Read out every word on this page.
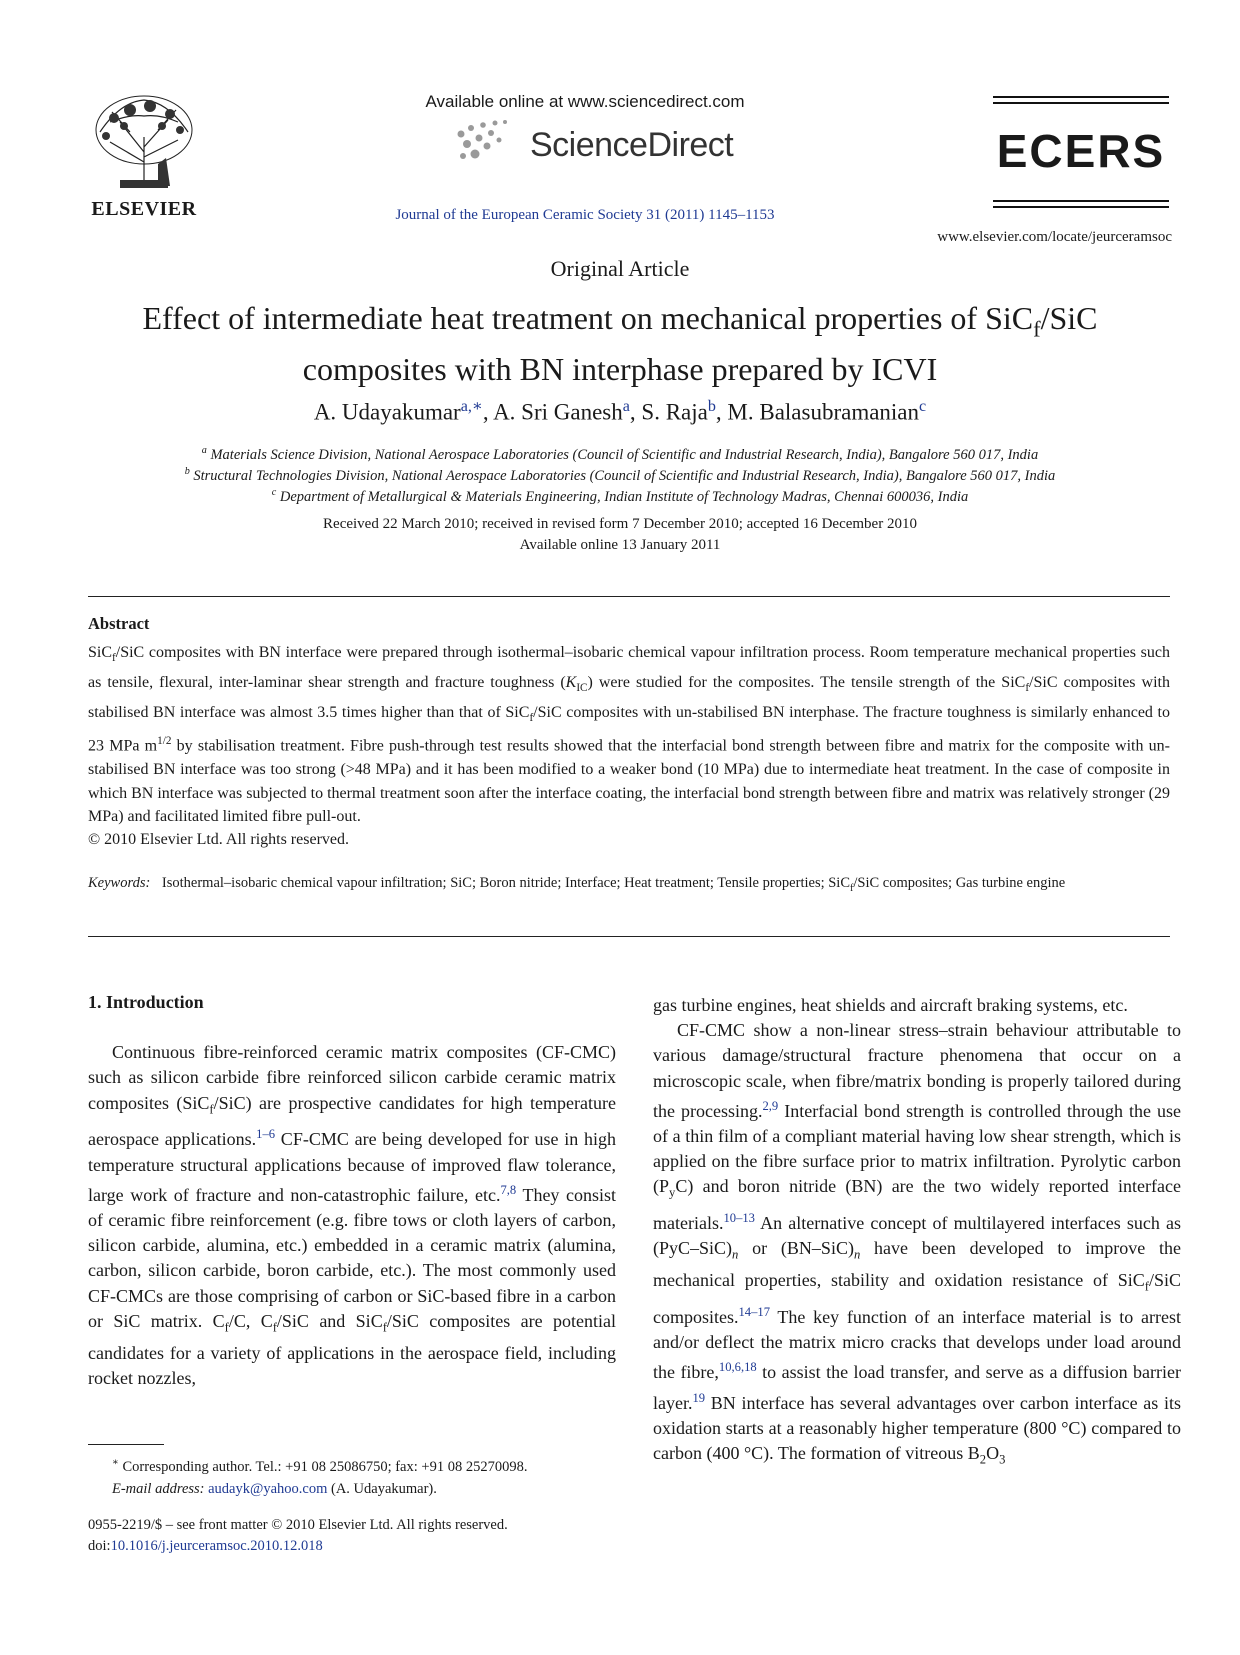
ELSEVIER
Available online at www.sciencedirect.com
ScienceDirect
Journal of the European Ceramic Society 31 (2011) 1145–1153
ECERS
www.elsevier.com/locate/jeurceramsoc
Original Article
Effect of intermediate heat treatment on mechanical properties of SiC$_f$/SiC
composites with BN interphase prepared by ICVI
A. Udayakumar$^{a,∗}$, A. Sri Ganesh$^a$, S. Raja$^b$, M. Balasubramanian$^c$
$^a$ Materials Science Division, National Aerospace Laboratories (Council of Scientific and Industrial Research, India), Bangalore 560 017, India
$^b$ Structural Technologies Division, National Aerospace Laboratories (Council of Scientific and Industrial Research, India), Bangalore 560 017, India
$^c$ Department of Metallurgical & Materials Engineering, Indian Institute of Technology Madras, Chennai 600036, India
Received 22 March 2010; received in revised form 7 December 2010; accepted 16 December 2010
Available online 13 January 2011
Abstract
SiC$_f$/SiC composites with BN interface were prepared through isothermal–isobaric chemical vapour infiltration process. Room temperature mechanical properties such as tensile, flexural, inter-laminar shear strength and fracture toughness $(K_{IC})$ were studied for the composites. The tensile strength of the SiC$_f$/SiC composites with stabilised BN interface was almost 3.5 times higher than that of SiC$_f$/SiC composites with un-stabilised BN interphase. The fracture toughness is similarly enhanced to 23 MPa $m^{1/2}$ by stabilisation treatment. Fibre push-through test results showed that the interfacial bond strength between fibre and matrix for the composite with un-stabilised BN interface was too strong (>48 MPa) and it has been modified to a weaker bond (10 MPa) due to intermediate heat treatment. In the case of composite in which BN interface was subjected to thermal treatment soon after the interface coating, the interfacial bond strength between fibre and matrix was relatively stronger (29 MPa) and facilitated limited fibre pull-out.
© 2010 Elsevier Ltd. All rights reserved.
Keywords: Isothermal–isobaric chemical vapour infiltration; SiC; Boron nitride; Interface; Heat treatment; Tensile properties; SiC$_f$/SiC composites; Gas turbine engine
1. Introduction

Continuous fibre-reinforced ceramic matrix composites (CF-CMC) such as silicon carbide fibre reinforced silicon carbide ceramic matrix composites (SiC$_f$/SiC) are prospective candidates for high temperature aerospace applications.$^{1-6}$ CF-CMC are being developed for use in high temperature structural applications because of improved flaw tolerance, large work of fracture and non-catastrophic failure, etc.$^{7,8}$ They consist of ceramic fibre reinforcement (e.g. fibre tows or cloth layers of carbon, silicon carbide, alumina, etc.) embedded in a ceramic matrix (alumina, carbon, silicon carbide, boron carbide, etc.). The most commonly used CF-CMCs are those comprising of carbon or SiC-based fibre in a carbon or SiC matrix. $C_f/C$, $C_f$/SiC and SiC$_f$/SiC composites are potential candidates for a variety of applications in the aerospace field, including rocket nozzles,

gas turbine engines, heat shields and aircraft braking systems, etc.

CF-CMC show a non-linear stress–strain behaviour attributable to various damage/structural fracture phenomena that occur on a microscopic scale, when fibre/matrix bonding is properly tailored during the processing.$^{2,9}$ Interfacial bond strength is controlled through the use of a thin film of a compliant material having low shear strength, which is applied on the fibre surface prior to matrix infiltration. Pyrolytic carbon $(P_yC)$ and boron nitride (BN) are the two widely reported interface materials.$^{10-13}$ An alternative concept of multilayered interfaces such as $(PyC-SiC)_n$ or $(BN-SiC)_n$ have been developed to improve the mechanical properties, stability and oxidation resistance of SiC$_f$/SiC composites.$^{14-17}$ The key function of an interface material is to arrest and/or deflect the matrix micro cracks that develops under load around the fibre,$^{10,6,18}$ to assist the load transfer, and serve as a diffusion barrier layer.$^{19}$ BN interface has several advantages over carbon interface as its oxidation starts at a reasonably higher temperature (800 °C) compared to carbon (400 °C). The formation of vitreous $B_2O_3$

∗ Corresponding author. Tel.: +91 08 25086750; fax: +91 08 25270098.
E-mail address: audayk@yahoo.com (A. Udayakumar).
0955-2219/$ – see front matter © 2010 Elsevier Ltd. All rights reserved.
doi:10.1016/j.jeurceramsoc.2010.12.018
